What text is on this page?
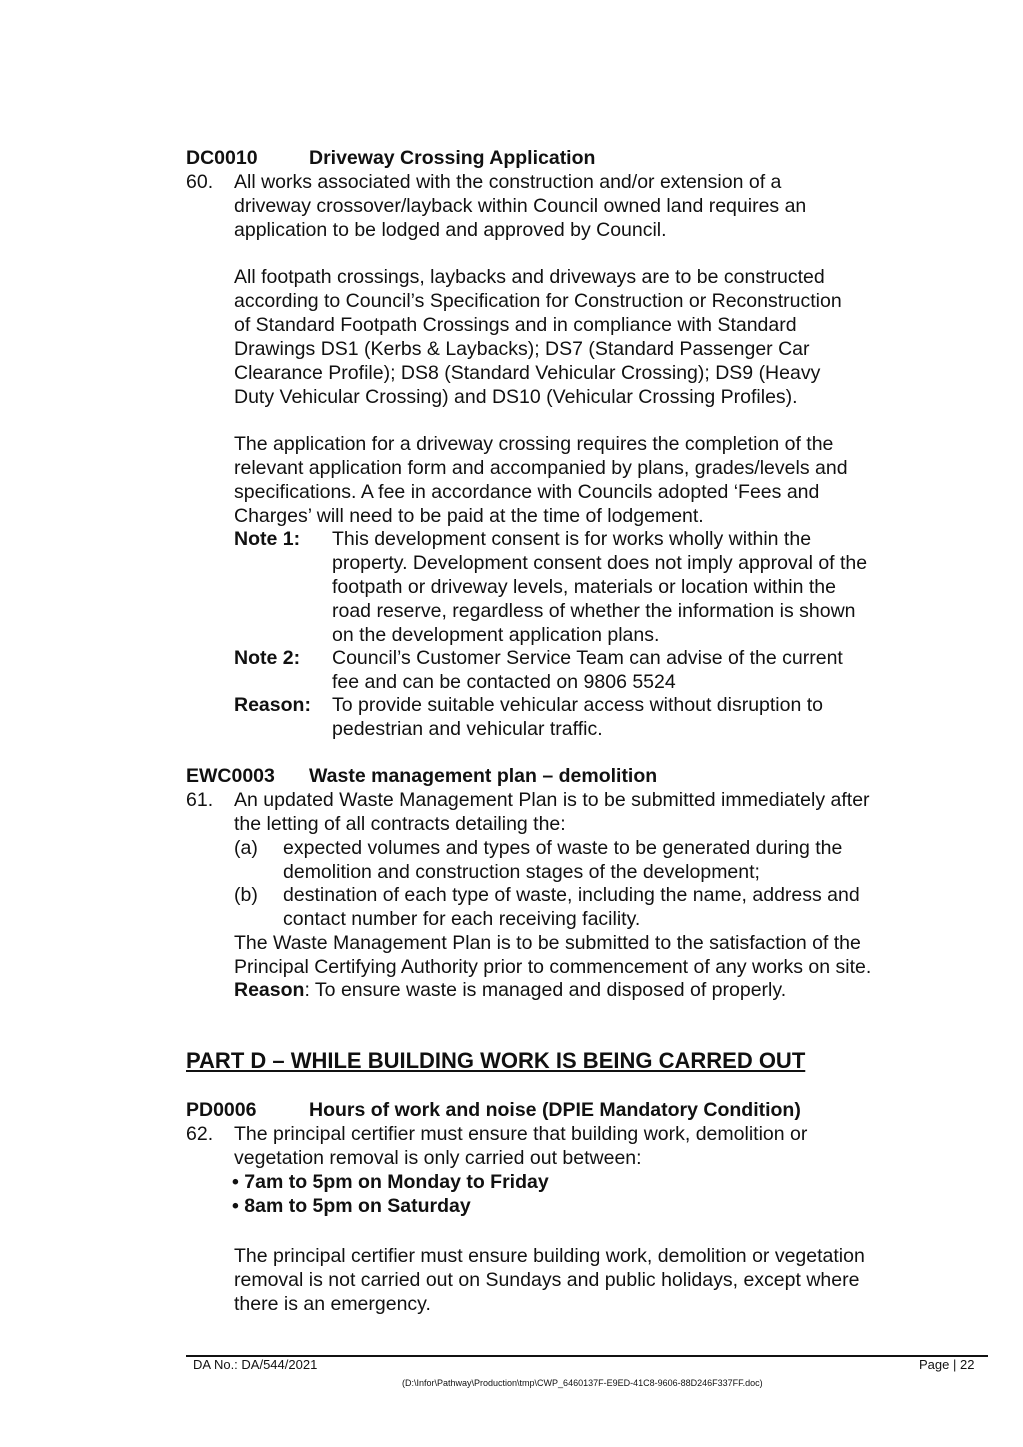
DC0010	Driveway Crossing Application
60. All works associated with the construction and/or extension of a
driveway crossover/layback within Council owned land requires an
application to be lodged and approved by Council.
All footpath crossings, laybacks and driveways are to be constructed
according to Council’s Specification for Construction or Reconstruction
of Standard Footpath Crossings and in compliance with Standard
Drawings DS1 (Kerbs & Laybacks); DS7 (Standard Passenger Car
Clearance Profile); DS8 (Standard Vehicular Crossing); DS9 (Heavy
Duty Vehicular Crossing) and DS10 (Vehicular Crossing Profiles).
The application for a driveway crossing requires the completion of the
relevant application form and accompanied by plans, grades/levels and
specifications. A fee in accordance with Councils adopted ‘Fees and
Charges’ will need to be paid at the time of lodgement.
Note 1: This development consent is for works wholly within the
property. Development consent does not imply approval of the
footpath or driveway levels, materials or location within the
road reserve, regardless of whether the information is shown
on the development application plans.
Note 2: Council’s Customer Service Team can advise of the current
fee and can be contacted on 9806 5524
Reason: To provide suitable vehicular access without disruption to
pedestrian and vehicular traffic.
EWC0003 Waste management plan – demolition
61. An updated Waste Management Plan is to be submitted immediately after
the letting of all contracts detailing the:
(a) expected volumes and types of waste to be generated during the
demolition and construction stages of the development;
(b) destination of each type of waste, including the name, address and
contact number for each receiving facility.
The Waste Management Plan is to be submitted to the satisfaction of the
Principal Certifying Authority prior to commencement of any works on site.
Reason: To ensure waste is managed and disposed of properly.
PART D – WHILE BUILDING WORK IS BEING CARRED OUT
PD0006	Hours of work and noise (DPIE Mandatory Condition)
62. The principal certifier must ensure that building work, demolition or
vegetation removal is only carried out between:
• 7am to 5pm on Monday to Friday
• 8am to 5pm on Saturday
The principal certifier must ensure building work, demolition or vegetation
removal is not carried out on Sundays and public holidays, except where
there is an emergency.
DA No.: DA/544/2021	Page | 22
(D:\Infor\Pathway\Production\tmp\CWP_6460137F-E9ED-41C8-9606-88D246F337FF.doc)
